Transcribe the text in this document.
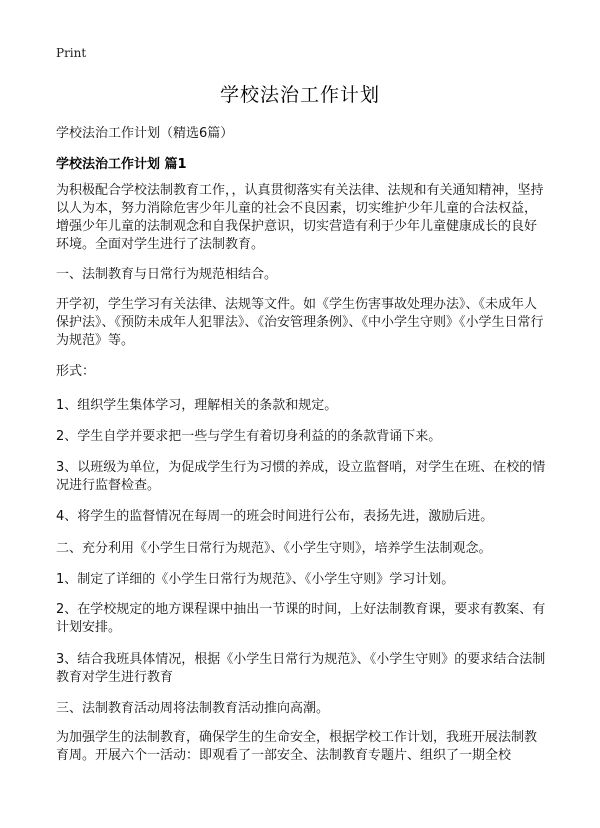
Print
学校法治工作计划
学校法治工作计划（精选6篇）
学校法治工作计划 篇1
为积极配合学校法制教育工作，，认真贯彻落实有关法律、法规和有关通知精神，坚持以人为本，努力消除危害少年儿童的社会不良因素，切实维护少年儿童的合法权益，增强少年儿童的法制观念和自我保护意识，切实营造有利于少年儿童健康成长的良好环境。全面对学生进行了法制教育。
一、法制教育与日常行为规范相结合。
开学初，学生学习有关法律、法规等文件。如《学生伤害事故处理办法》、《未成年人保护法》、《预防未成年人犯罪法》、《治安管理条例》、《中小学生守则》《小学生日常行为规范》等。
形式：
1、组织学生集体学习，理解相关的条款和规定。
2、学生自学并要求把一些与学生有着切身利益的的条款背诵下来。
3、以班级为单位，为促成学生行为习惯的养成，设立监督哨，对学生在班、在校的情况进行监督检查。
4、将学生的监督情况在每周一的班会时间进行公布，表扬先进，激励后进。
二、充分利用《小学生日常行为规范》、《小学生守则》，培养学生法制观念。
1、制定了详细的《小学生日常行为规范》、《小学生守则》学习计划。
2、在学校规定的地方课程课中抽出一节课的时间，上好法制教育课，要求有教案、有计划安排。
3、结合我班具体情况，根据《小学生日常行为规范》、《小学生守则》的要求结合法制教育对学生进行教育
三、法制教育活动周将法制教育活动推向高潮。
为加强学生的法制教育，确保学生的生命安全，根据学校工作计划，我班开展法制教育周。开展六个一活动：即观看了一部安全、法制教育专题片、组织了一期全校
